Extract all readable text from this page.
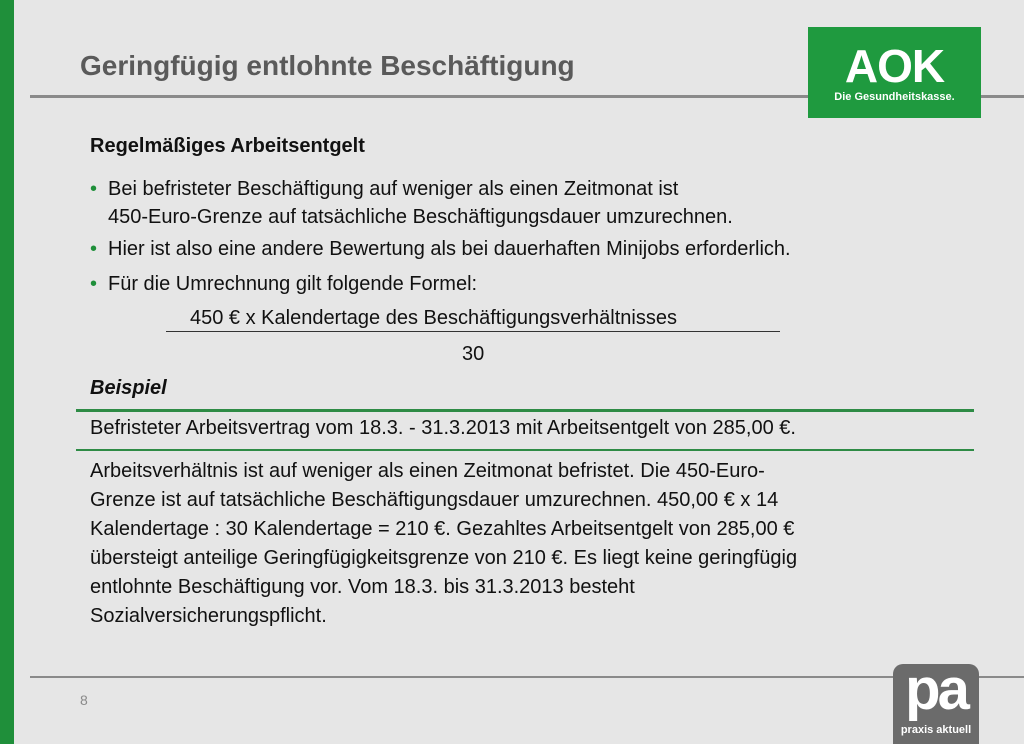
Geringfügig entlohnte Beschäftigung	AOK
Die Gesundheitskasse.
Regelmäßiges Arbeitsentgelt
• Bei befristeter Beschäftigung auf weniger als einen Zeitmonat ist
450-Euro-Grenze auf tatsächliche Beschäftigungsdauer umzurechnen.
• Hier ist also eine andere Bewertung als bei dauerhaften Minijobs erforderlich.
• Für die Umrechnung gilt folgende Formel:
450 € x Kalendertage des Beschäftigungsverhältnisses
30
Beispiel
Befristeter Arbeitsvertrag vom 18.3. - 31.3.2013 mit Arbeitsentgelt von 285,00 €.
Arbeitsverhältnis ist auf weniger als einen Zeitmonat befristet. Die 450-Euro-
Grenze ist auf tatsächliche Beschäftigungsdauer umzurechnen. 450,00 € x 14
Kalendertage : 30 Kalendertage = 210 €. Gezahltes Arbeitsentgelt von 285,00 €
übersteigt anteilige Geringfügigkeitsgrenze von 210 €. Es liegt keine geringfügig
entlohnte Beschäftigung vor. Vom 18.3. bis 31.3.2013 besteht
Sozialversicherungspflicht.
8	pa
praxis aktuell
